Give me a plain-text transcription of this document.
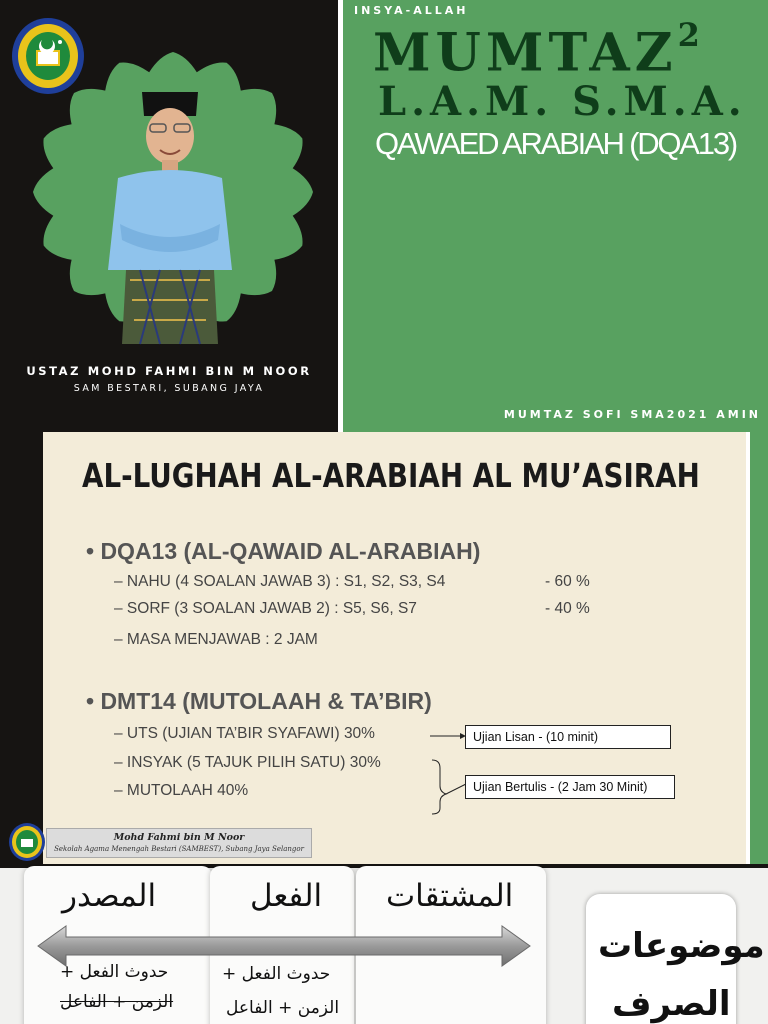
USTAZ MOHD FAHMI BIN M NOOR
SAM BESTARI, SUBANG JAYA
INSYA-ALLAH
MUMTAZ$^2$
L.A.M. S.M.A.
QAWAED ARABIAH (DQA13)
MUMTAZ SOFI SMA2021 AMIN
AL-LUGHAH AL-ARABIAH AL MU’ASIRAH
• DQA13 (AL-QAWAID AL-ARABIAH)
– NAHU (4 SOALAN JAWAB 3) : S1, S2, S3, S4	- 60 %
– SORF (3 SOALAN JAWAB 2) : S5, S6, S7	- 40 %
– MASA MENJAWAB : 2 JAM
• DMT14 (MUTOLAAH & TA’BIR)
– UTS (UJIAN TA’BIR SYAFAWI) 30%
– INSYAK (5 TAJUK PILIH SATU) 30%
– MUTOLAAH 40%
Ujian Lisan - (10 minit)
Ujian Bertulis - (2 Jam 30 Minit)
Mohd Fahmi bin M Noor
Sekolah Agama Menengah Bestari (SAMBEST), Subang Jaya Selangor
المصدر	الفعل المشتقات
حدوث الفعل +
الزمن + الفاعل
حدوث الفعل +
الزمن + الفاعل
موضوعات
الصرف
